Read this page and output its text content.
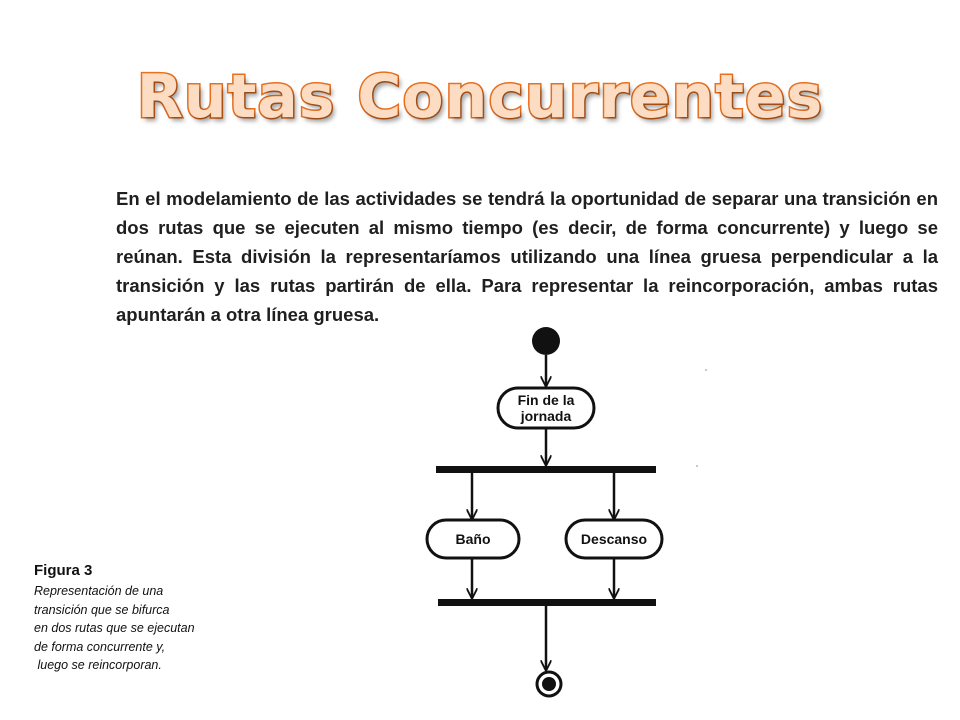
Rutas Concurrentes

En el modelamiento de las actividades se tendrá la oportunidad de separar una transición en dos rutas que se ejecuten al mismo tiempo (es decir, de forma concurrente) y luego se reúnan. Esta división la representaríamos utilizando una línea gruesa perpendicular a la transición y las rutas partirán de ella. Para representar la reincorporación, ambas rutas apuntarán a otra línea gruesa.

Figura 3
Representación de una
transición que se bifurca
en dos rutas que se ejecutan
de forma concurrente y,
luego se reincorporan.
Fin de la
jornada
Baño	Descanso
